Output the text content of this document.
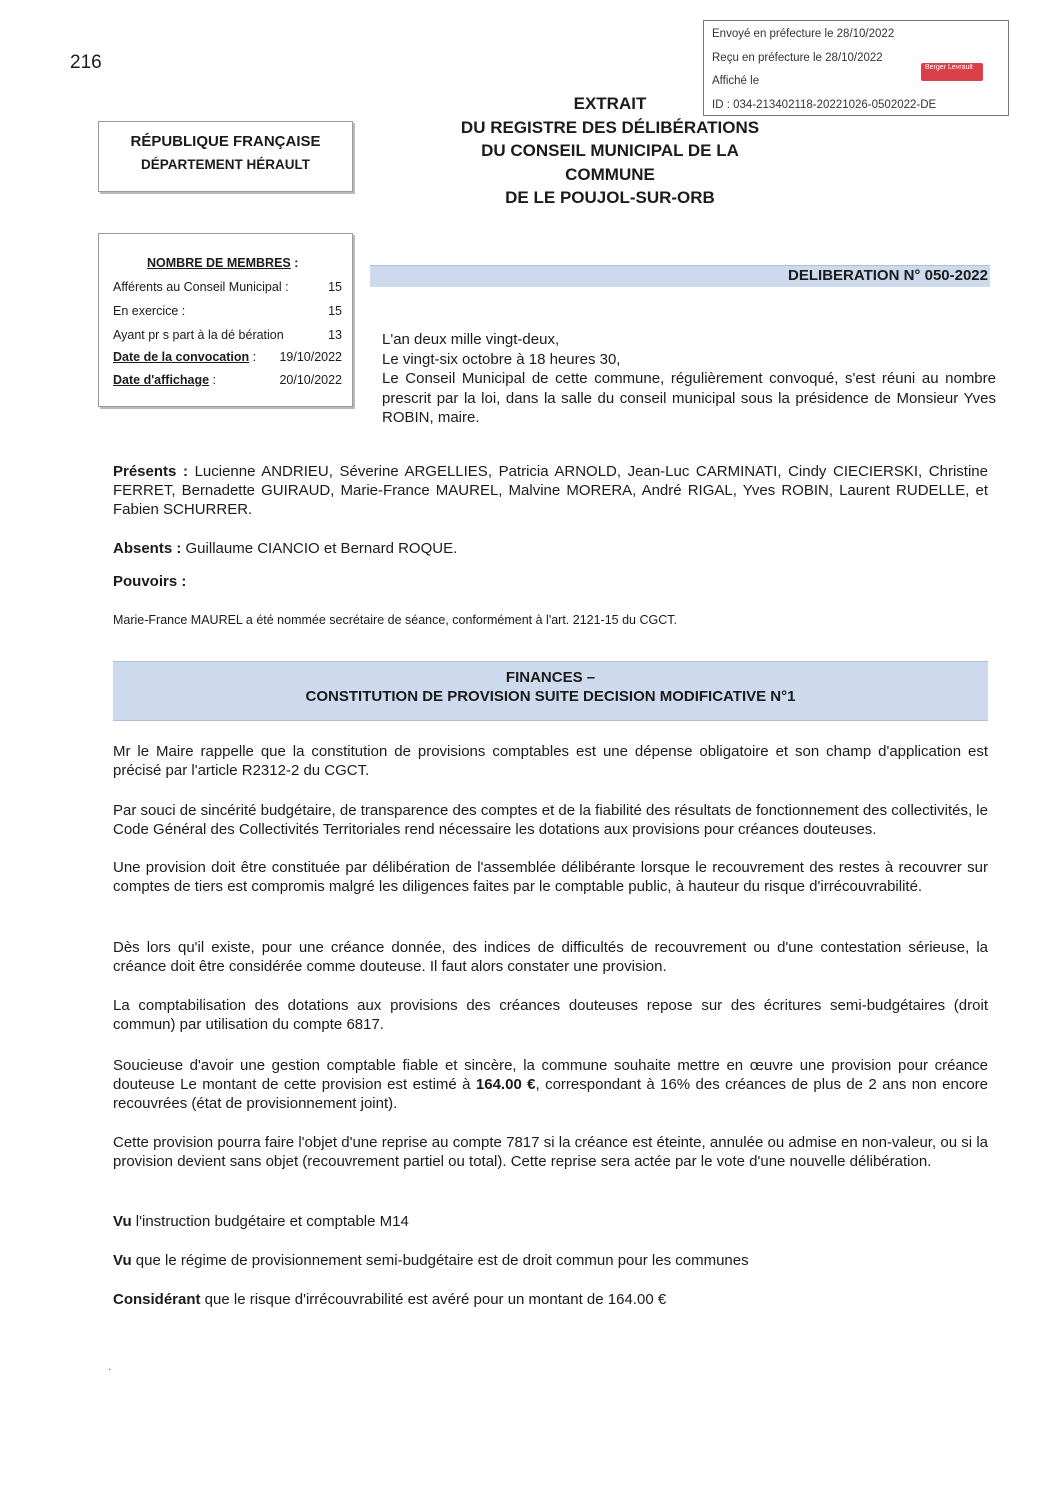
216
Envoyé en préfecture le 28/10/2022
Reçu en préfecture le 28/10/2022
Affiché le
ID : 034-213402118-20221026-0502022-DE
Berger Levrault
RÉPUBLIQUE FRANÇAISE
DÉPARTEMENT HÉRAULT
EXTRAIT
DU REGISTRE DES DÉLIBÉRATIONS
DU CONSEIL MUNICIPAL DE LA
COMMUNE
DE LE POUJOL-SUR-ORB
NOMBRE DE MEMBRES :
Afférents au Conseil Municipal :	15
En exercice :	15
Ayant pr s part à la dé bération	13
Date de la convocation : 19/10/2022
Date d'affichage :	20/10/2022
DELIBERATION N° 050-2022
L'an deux mille vingt-deux,
Le vingt-six octobre à 18 heures 30,
Le Conseil Municipal de cette commune, régulièrement convoqué, s'est réuni au nombre prescrit par la loi, dans la salle du conseil municipal sous la présidence de Monsieur Yves ROBIN, maire.
Présents : Lucienne ANDRIEU, Séverine ARGELLIES, Patricia ARNOLD, Jean-Luc CARMINATI, Cindy CIECIERSKI, Christine FERRET, Bernadette GUIRAUD, Marie-France MAUREL, Malvine MORERA, André RIGAL, Yves ROBIN, Laurent RUDELLE, et Fabien SCHURRER.
Absents : Guillaume CIANCIO et Bernard ROQUE.
Pouvoirs :
Marie-France MAUREL a été nommée secrétaire de séance, conformément à l'art. 2121-15 du CGCT.
FINANCES –
CONSTITUTION DE PROVISION SUITE DECISION MODIFICATIVE N°1
Mr le Maire rappelle que la constitution de provisions comptables est une dépense obligatoire et son champ d'application est précisé par l'article R2312-2 du CGCT.
Par souci de sincérité budgétaire, de transparence des comptes et de la fiabilité des résultats de fonctionnement des collectivités, le Code Général des Collectivités Territoriales rend nécessaire les dotations aux provisions pour créances douteuses.
Une provision doit être constituée par délibération de l'assemblée délibérante lorsque le recouvrement des restes à recouvrer sur comptes de tiers est compromis malgré les diligences faites par le comptable public, à hauteur du risque d'irrécouvrabilité.
Dès lors qu'il existe, pour une créance donnée, des indices de difficultés de recouvrement ou d'une contestation sérieuse, la créance doit être considérée comme douteuse. Il faut alors constater une provision.
La comptabilisation des dotations aux provisions des créances douteuses repose sur des écritures semi-budgétaires (droit commun) par utilisation du compte 6817.
Soucieuse d'avoir une gestion comptable fiable et sincère, la commune souhaite mettre en œuvre une provision pour créance douteuse Le montant de cette provision est estimé à 164.00 €, correspondant à 16% des créances de plus de 2 ans non encore recouvrées (état de provisionnement joint).
Cette provision pourra faire l'objet d'une reprise au compte 7817 si la créance est éteinte, annulée ou admise en non-valeur, ou si la provision devient sans objet (recouvrement partiel ou total). Cette reprise sera actée par le vote d'une nouvelle délibération.
Vu l'instruction budgétaire et comptable M14
Vu que le régime de provisionnement semi-budgétaire est de droit commun pour les communes
Considérant que le risque d'irrécouvrabilité est avéré pour un montant de 164.00 €
.
